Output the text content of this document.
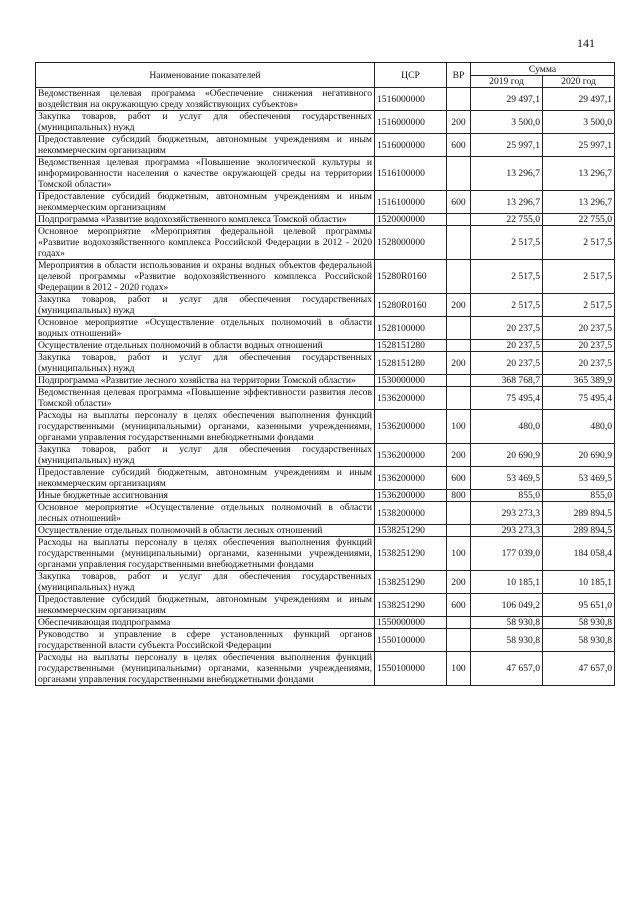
141
Наименование показателей	ЦСР	ВР	Сумма	
			2019 год	2020 год
Ведомственная целевая программа «Обеспечение снижения негативного воздействия на окружающую среду хозяйствующих субъектов»	1516000000		29 497,1	29 497,1
Закупка товаров, работ и услуг для обеспечения государственных (муниципальных) нужд	1516000000	200	3 500,0	3 500,0
Предоставление субсидий бюджетным, автономным учреждениям и иным некоммерческим организациям	1516000000	600	25 997,1	25 997,1
Ведомственная целевая программа «Повышение экологической культуры и информированности населения о качестве окружающей среды на территории Томской области»	1516100000		13 296,7	13 296,7
Предоставление субсидий бюджетным, автономным учреждениям и иным некоммерческим организациям	1516100000	600	13 296,7	13 296,7
Подпрограмма «Развитие водохозяйственного комплекса Томской области»	1520000000		22 755,0	22 755,0
Основное мероприятие «Мероприятия федеральной целевой программы «Развитие водохозяйственного комплекса Российской Федерации в 2012 - 2020 годах»	1528000000		2 517,5	2 517,5
Мероприятия в области использования и охраны водных объектов федеральной целевой программы «Развитие водохозяйственного комплекса Российской Федерации в 2012 - 2020 годах»	15280R0160		2 517,5	2 517,5
Закупка товаров, работ и услуг для обеспечения государственных (муниципальных) нужд	15280R0160	200	2 517,5	2 517,5
Основное мероприятие «Осуществление отдельных полномочий в области водных отношений»	1528100000		20 237,5	20 237,5
Осуществление отдельных полномочий в области водных отношений	1528151280		20 237,5	20 237,5
Закупка товаров, работ и услуг для обеспечения государственных (муниципальных) нужд	1528151280	200	20 237,5	20 237,5
Подпрограмма «Развитие лесного хозяйства на территории Томской области»	1530000000		368 768,7	365 389,9
Ведомственная целевая программа «Повышение эффективности развития лесов Томской области»	1536200000		75 495,4	75 495,4
Расходы на выплаты персоналу в целях обеспечения выполнения функций государственными (муниципальными) органами, казенными учреждениями, органами управления государственными внебюджетными фондами	1536200000	100	480,0	480,0
Закупка товаров, работ и услуг для обеспечения государственных (муниципальных) нужд	1536200000	200	20 690,9	20 690,9
Предоставление субсидий бюджетным, автономным учреждениям и иным некоммерческим организациям	1536200000	600	53 469,5	53 469,5
Иные бюджетные ассигнования	1536200000	800	855,0	855,0
Основное мероприятие «Осуществление отдельных полномочий в области лесных отношений»	1538200000		293 273,3	289 894,5
Осуществление отдельных полномочий в области лесных отношений	1538251290		293 273,3	289 894,5
Расходы на выплаты персоналу в целях обеспечения выполнения функций государственными (муниципальными) органами, казенными учреждениями, органами управления государственными внебюджетными фондами	1538251290	100	177 039,0	184 058,4
Закупка товаров, работ и услуг для обеспечения государственных (муниципальных) нужд	1538251290	200	10 185,1	10 185,1
Предоставление субсидий бюджетным, автономным учреждениям и иным некоммерческим организациям	1538251290	600	106 049,2	95 651,0
Обеспечивающая подпрограмма	1550000000		58 930,8	58 930,8
Руководство и управление в сфере установленных функций органов государственной власти субъекта Российской Федерации	1550100000		58 930,8	58 930,8
Расходы на выплаты персоналу в целях обеспечения выполнения функций государственными (муниципальными) органами, казенными учреждениями, органами управления государственными внебюджетными фондами	1550100000	100	47 657,0	47 657,0
